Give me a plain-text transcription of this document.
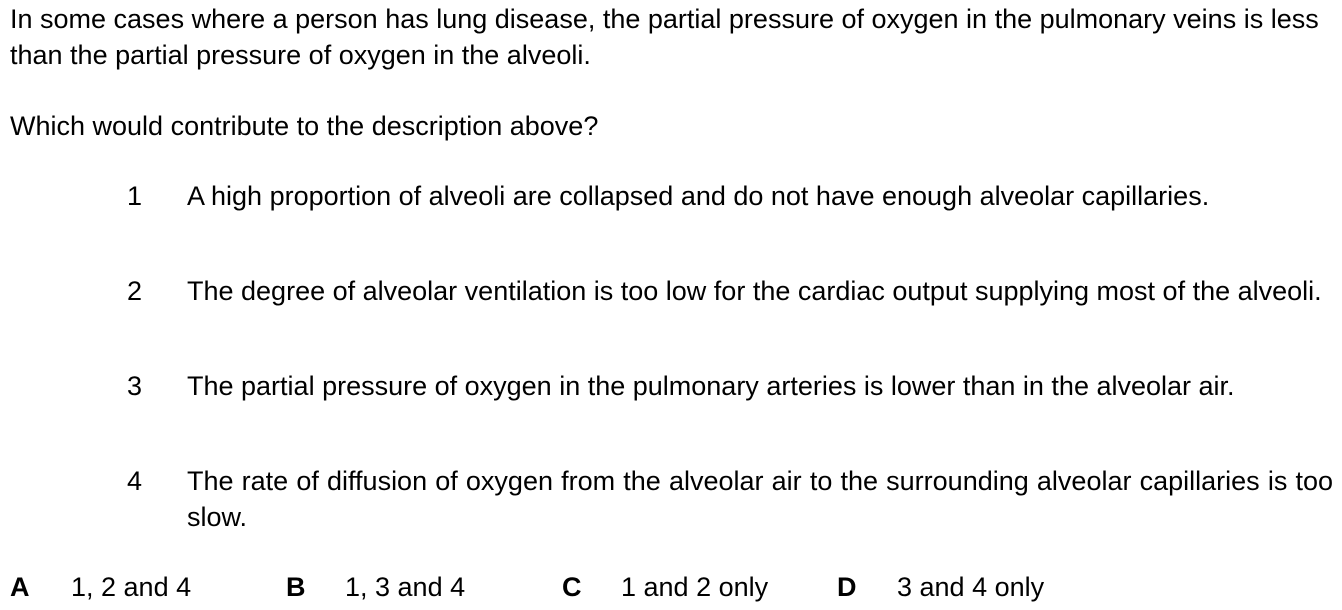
In some cases where a person has lung disease, the partial pressure of oxygen in the pulmonary veins is less than the partial pressure of oxygen in the alveoli.

Which would contribute to the description above?

1	A high proportion of alveoli are collapsed and do not have enough alveolar capillaries.
2	The degree of alveolar ventilation is too low for the cardiac output supplying most of the alveoli.
3	The partial pressure of oxygen in the pulmonary arteries is lower than in the alveolar air.
4	The rate of diffusion of oxygen from the alveolar air to the surrounding alveolar capillaries is too slow.
A 1, 2 and 4	B 1, 3 and 4	C 1 and 2 only	D 3 and 4 only
